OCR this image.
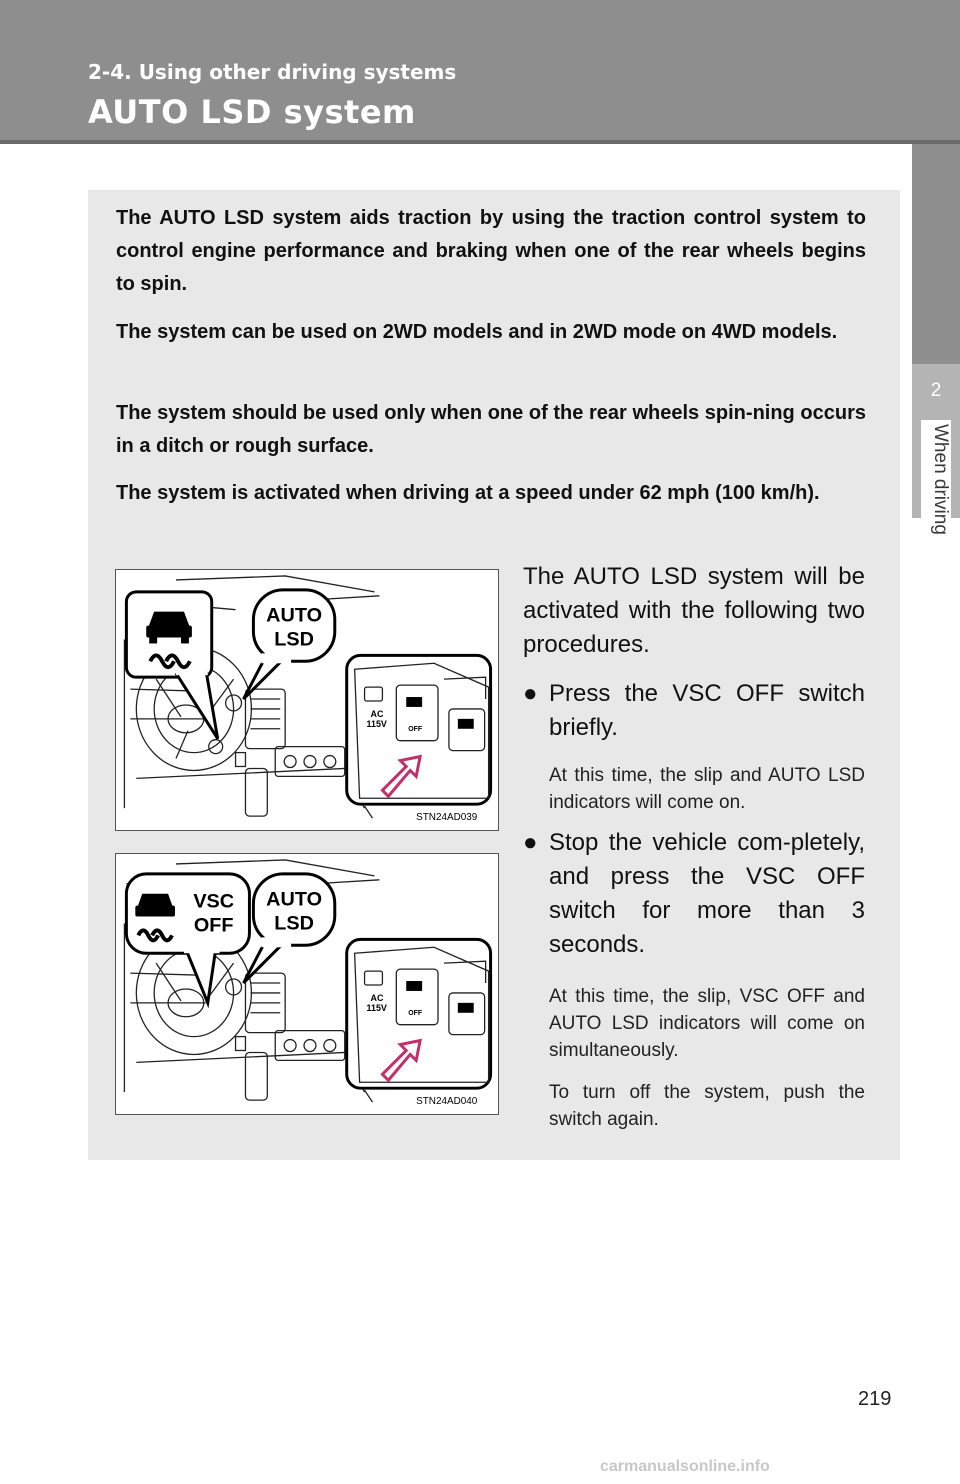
2-4. Using other driving systems
AUTO LSD system
2
When driving

The AUTO LSD system aids traction by using the traction control system to control engine performance and braking when one of the rear wheels begins to spin.

The system can be used on 2WD models and in 2WD mode on 4WD models.

The system should be used only when one of the rear wheels spin-ning occurs in a ditch or rough surface.

The system is activated when driving at a speed under 62 mph (100 km/h).

AUTO
LSD
AC
115V
OFF
STN24AD039
VSC
OFF
AUTO
LSD
AC
115V
OFF
STN24AD040

The AUTO LSD system will be activated with the following two procedures.

● Press the VSC OFF switch briefly.

At this time, the slip and AUTO LSD indicators will come on.

● Stop the vehicle com-pletely, and press the VSC OFF switch for more than 3 seconds.

At this time, the slip, VSC OFF and AUTO LSD indicators will come on simultaneously.

To turn off the system, push the switch again.

219
carmanualsonline.info
